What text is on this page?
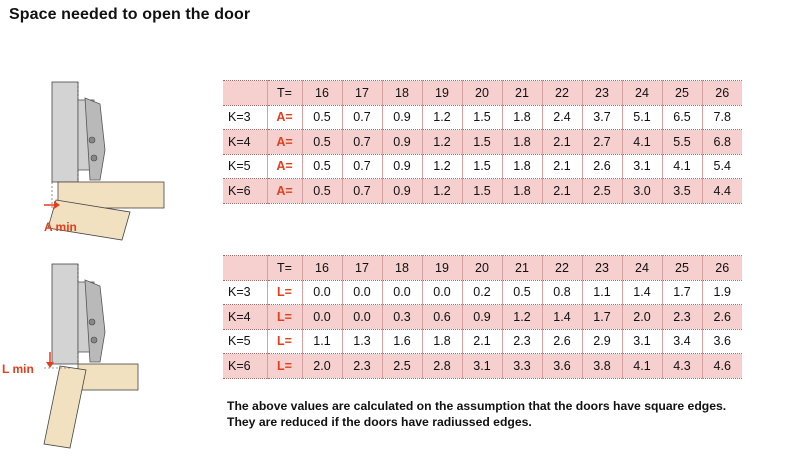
Space needed to open the door
A min
L min
	T=	16	17	18	19	20	21	22	23	24	25	26
K=3	A=	0.5	0.7	0.9	1.2	1.5	1.8	2.4	3.7	5.1	6.5	7.8
K=4	A=	0.5	0.7	0.9	1.2	1.5	1.8	2.1	2.7	4.1	5.5	6.8
K=5	A=	0.5	0.7	0.9	1.2	1.5	1.8	2.1	2.6	3.1	4.1	5.4
K=6	A=	0.5	0.7	0.9	1.2	1.5	1.8	2.1	2.5	3.0	3.5	4.4
	T=	16	17	18	19	20	21	22	23	24	25	26
K=3	L=	0.0	0.0	0.0	0.0	0.2	0.5	0.8	1.1	1.4	1.7	1.9
K=4	L=	0.0	0.0	0.3	0.6	0.9	1.2	1.4	1.7	2.0	2.3	2.6
K=5	L=	1.1	1.3	1.6	1.8	2.1	2.3	2.6	2.9	3.1	3.4	3.6
K=6	L=	2.0	2.3	2.5	2.8	3.1	3.3	3.6	3.8	4.1	4.3	4.6
The above values are calculated on the assumption that the doors have square edges.
They are reduced if the doors have radiussed edges.
